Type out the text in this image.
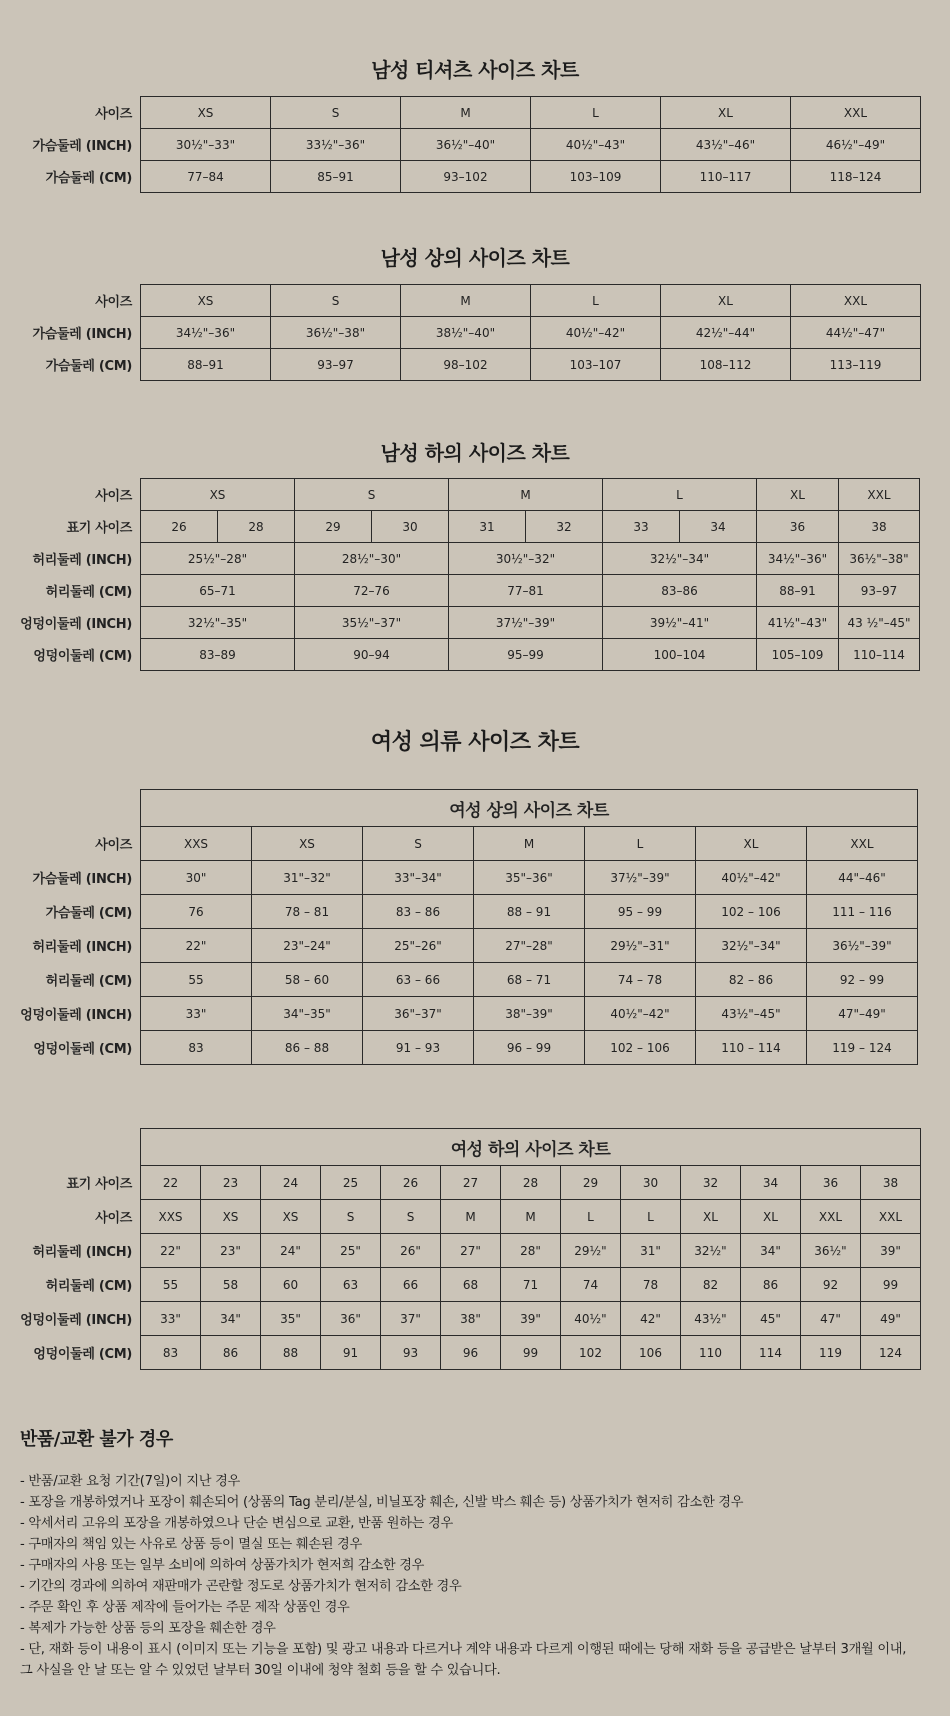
남성 티셔츠 사이즈 차트
사이즈	XS	S	M	L	XL	XXL
가슴둘레 (INCH)	30½"–33"	33½"–36"	36½"–40"	40½"–43"	43½"–46"	46½"–49"
가슴둘레 (CM)	77–84	85–91	93–102	103–109	110–117	118–124
남성 상의 사이즈 차트
사이즈	XS	S	M	L	XL	XXL
가슴둘레 (INCH)	34½"–36"	36½"–38"	38½"–40"	40½"–42"	42½"–44"	44½"–47"
가슴둘레 (CM)	88–91	93–97	98–102	103–107	108–112	113–119
남성 하의 사이즈 차트
사이즈	XS		S		M		L		XL	XXL
표기 사이즈	26	28	29	30	31	32	33	34	36	38
허리둘레 (INCH)	25½"–28"		28½"–30"		30½"–32"		32½"–34"		34½"–36"	36½"–38"
허리둘레 (CM)	65–71		72–76		77–81		83–86		88–91	93–97
엉덩이둘레 (INCH)	32½"–35"		35½"–37"		37½"–39"		39½"–41"		41½"–43"	43 ½"–45"
엉덩이둘레 (CM)	83–89		90–94		95–99		100–104		105–109	110–114
여성 의류 사이즈 차트
	여성 상의 사이즈 차트						
사이즈	XXS	XS	S	M	L	XL	XXL
가슴둘레 (INCH)	30"	31"–32"	33"–34"	35"–36"	37½"–39"	40½"–42"	44"–46"
가슴둘레 (CM)	76	78 – 81	83 – 86	88 – 91	95 – 99	102 – 106	111 – 116
허리둘레 (INCH)	22"	23"–24"	25"–26"	27"–28"	29½"–31"	32½"–34"	36½"–39"
허리둘레 (CM)	55	58 – 60	63 – 66	68 – 71	74 – 78	82 – 86	92 – 99
엉덩이둘레 (INCH)	33"	34"–35"	36"–37"	38"–39"	40½"–42"	43½"–45"	47"–49"
엉덩이둘레 (CM)	83	86 – 88	91 – 93	96 – 99	102 – 106	110 – 114	119 – 124
	여성 하의 사이즈 차트												
표기 사이즈	22	23	24	25	26	27	28	29	30	32	34	36	38
사이즈	XXS	XS	XS	S	S	M	M	L	L	XL	XL	XXL	XXL
허리둘레 (INCH)	22"	23"	24"	25"	26"	27"	28"	29½"	31"	32½"	34"	36½"	39"
허리둘레 (CM)	55	58	60	63	66	68	71	74	78	82	86	92	99
엉덩이둘레 (INCH)	33"	34"	35"	36"	37"	38"	39"	40½"	42"	43½"	45"	47"	49"
엉덩이둘레 (CM)	83	86	88	91	93	96	99	102	106	110	114	119	124
반품/교환 불가 경우
- 반품/교환 요청 기간(7일)이 지난 경우
- 포장을 개봉하였거나 포장이 훼손되어 (상품의 Tag 분리/분실, 비닐포장 훼손, 신발 박스 훼손 등) 상품가치가 현저히 감소한 경우
- 악세서리 고유의 포장을 개봉하였으나 단순 변심으로 교환, 반품 원하는 경우
- 구매자의 책임 있는 사유로 상품 등이 멸실 또는 훼손된 경우
- 구매자의 사용 또는 일부 소비에 의하여 상품가치가 현저희 감소한 경우
- 기간의 경과에 의하여 재판매가 곤란할 정도로 상품가치가 현저히 감소한 경우
- 주문 확인 후 상품 제작에 들어가는 주문 제작 상품인 경우
- 복제가 가능한 상품 등의 포장을 훼손한 경우
- 단, 재화 등이 내용이 표시 (이미지 또는 기능을 포함) 및 광고 내용과 다르거나 계약 내용과 다르게 이행된 때에는 당해 재화 등을 공급받은 날부터 3개월 이내,
그 사실을 안 날 또는 알 수 있었던 날부터 30일 이내에 청약 철회 등을 할 수 있습니다.
